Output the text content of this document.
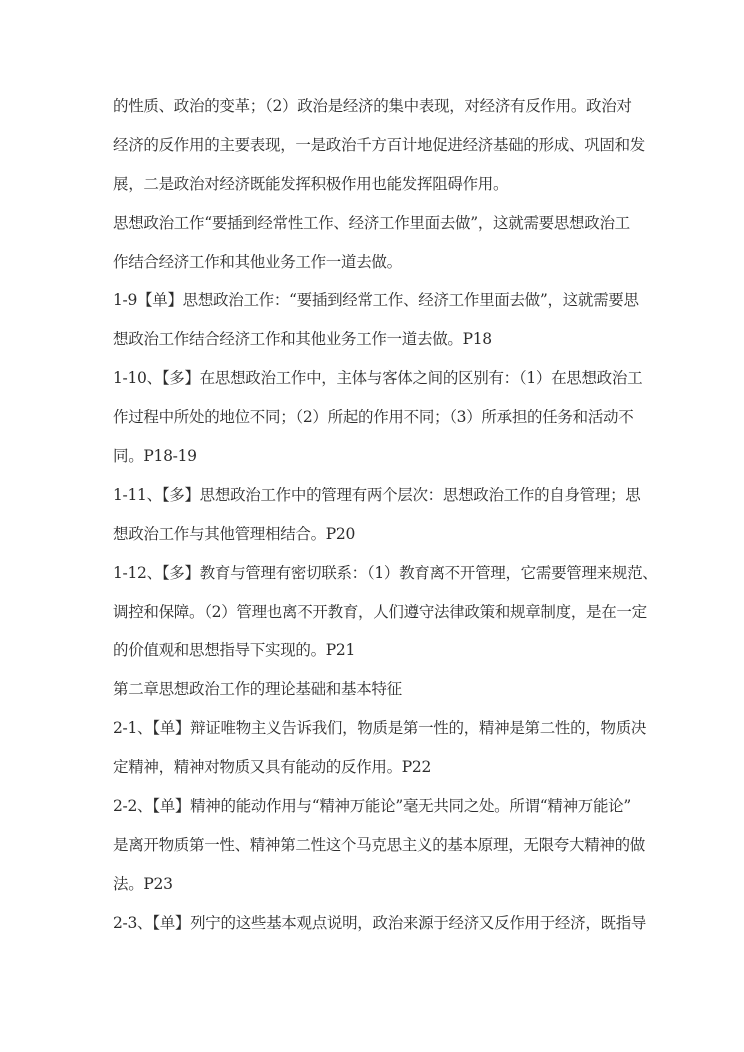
的性质、政治的变革；（2）政治是经济的集中表现，对经济有反作用。政治对
经济的反作用的主要表现，一是政治千方百计地促进经济基础的形成、巩固和发
展，二是政治对经济既能发挥积极作用也能发挥阻碍作用。
思想政治工作“要插到经常性工作、经济工作里面去做”，这就需要思想政治工
作结合经济工作和其他业务工作一道去做。
1-9【单】思想政治工作：“要插到经常工作、经济工作里面去做”，这就需要思
想政治工作结合经济工作和其他业务工作一道去做。P18
1-10、【多】在思想政治工作中，主体与客体之间的区别有：（1）在思想政治工
作过程中所处的地位不同；（2）所起的作用不同；（3）所承担的任务和活动不
同。P18-19
1-11、【多】思想政治工作中的管理有两个层次：思想政治工作的自身管理；思
想政治工作与其他管理相结合。P20
1-12、【多】教育与管理有密切联系：（1）教育离不开管理，它需要管理来规范、
调控和保障。（2）管理也离不开教育，人们遵守法律政策和规章制度，是在一定
的价值观和思想指导下实现的。P21
第二章思想政治工作的理论基础和基本特征
2-1、【单】辩证唯物主义告诉我们，物质是第一性的，精神是第二性的，物质决
定精神，精神对物质又具有能动的反作用。P22
2-2、【单】精神的能动作用与“精神万能论”毫无共同之处。所谓“精神万能论”
是离开物质第一性、精神第二性这个马克思主义的基本原理，无限夸大精神的做
法。P23
2-3、【单】列宁的这些基本观点说明，政治来源于经济又反作用于经济，既指导
